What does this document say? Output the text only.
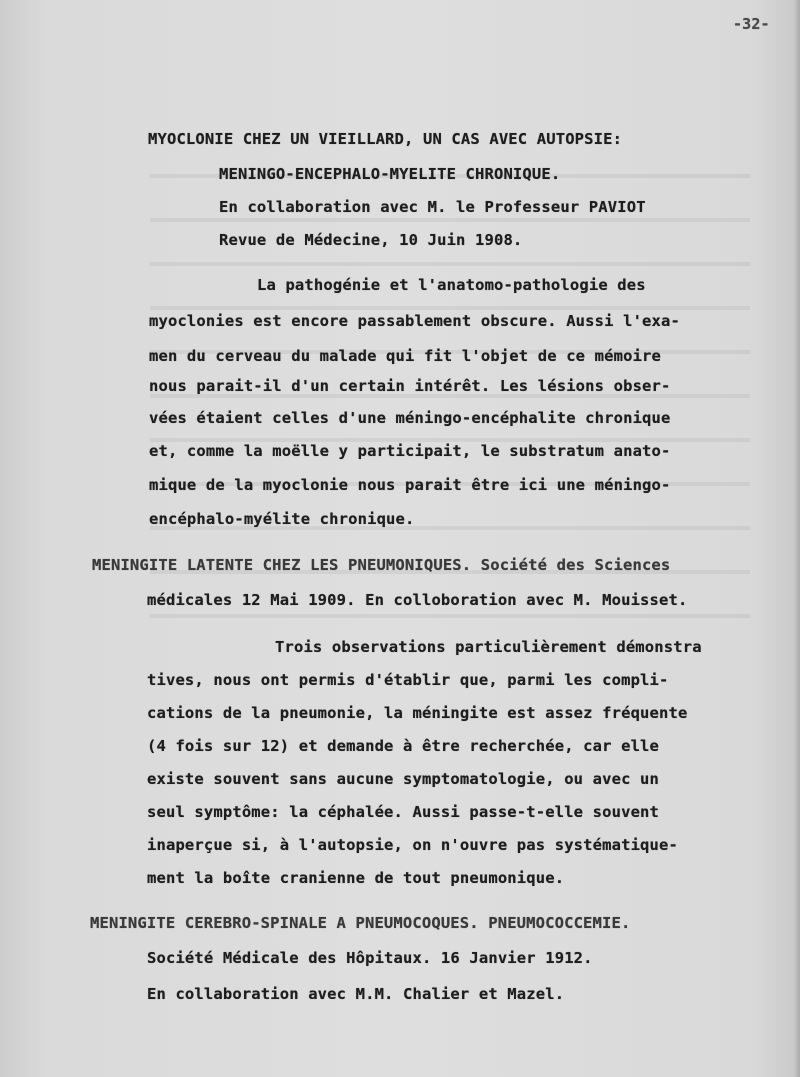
-32-
MYOCLONIE CHEZ UN VIEILLARD, UN CAS AVEC AUTOPSIE:
MENINGO-ENCEPHALO-MYELITE CHRONIQUE.
En collaboration avec M. le Professeur PAVIOT
Revue de Médecine, 10 Juin 1908.
La pathogénie et l'anatomo-pathologie des
myoclonies est encore passablement obscure. Aussi l'exa-
men du cerveau du malade qui fit l'objet de ce mémoire
nous parait-il d'un certain intérêt. Les lésions obser-
vées étaient celles d'une méningo-encéphalite chronique
et, comme la moëlle y participait, le substratum anato-
mique de la myoclonie nous parait être ici une méningo-
encéphalo-myélite chronique.
MENINGITE LATENTE CHEZ LES PNEUMONIQUES. Société des Sciences
médicales 12 Mai 1909. En colloboration avec M. Mouisset.
Trois observations particulièrement démonstra
tives, nous ont permis d'établir que, parmi les compli-
cations de la pneumonie, la méningite est assez fréquente
(4 fois sur 12) et demande à être recherchée, car elle
existe souvent sans aucune symptomatologie, ou avec un
seul symptôme: la céphalée. Aussi passe-t-elle souvent
inaperçue si, à l'autopsie, on n'ouvre pas systématique-
ment la boîte cranienne de tout pneumonique.
MENINGITE CEREBRO-SPINALE A PNEUMOCOQUES. PNEUMOCOCCEMIE.
Société Médicale des Hôpitaux. 16 Janvier 1912.
En collaboration avec M.M. Chalier et Mazel.
